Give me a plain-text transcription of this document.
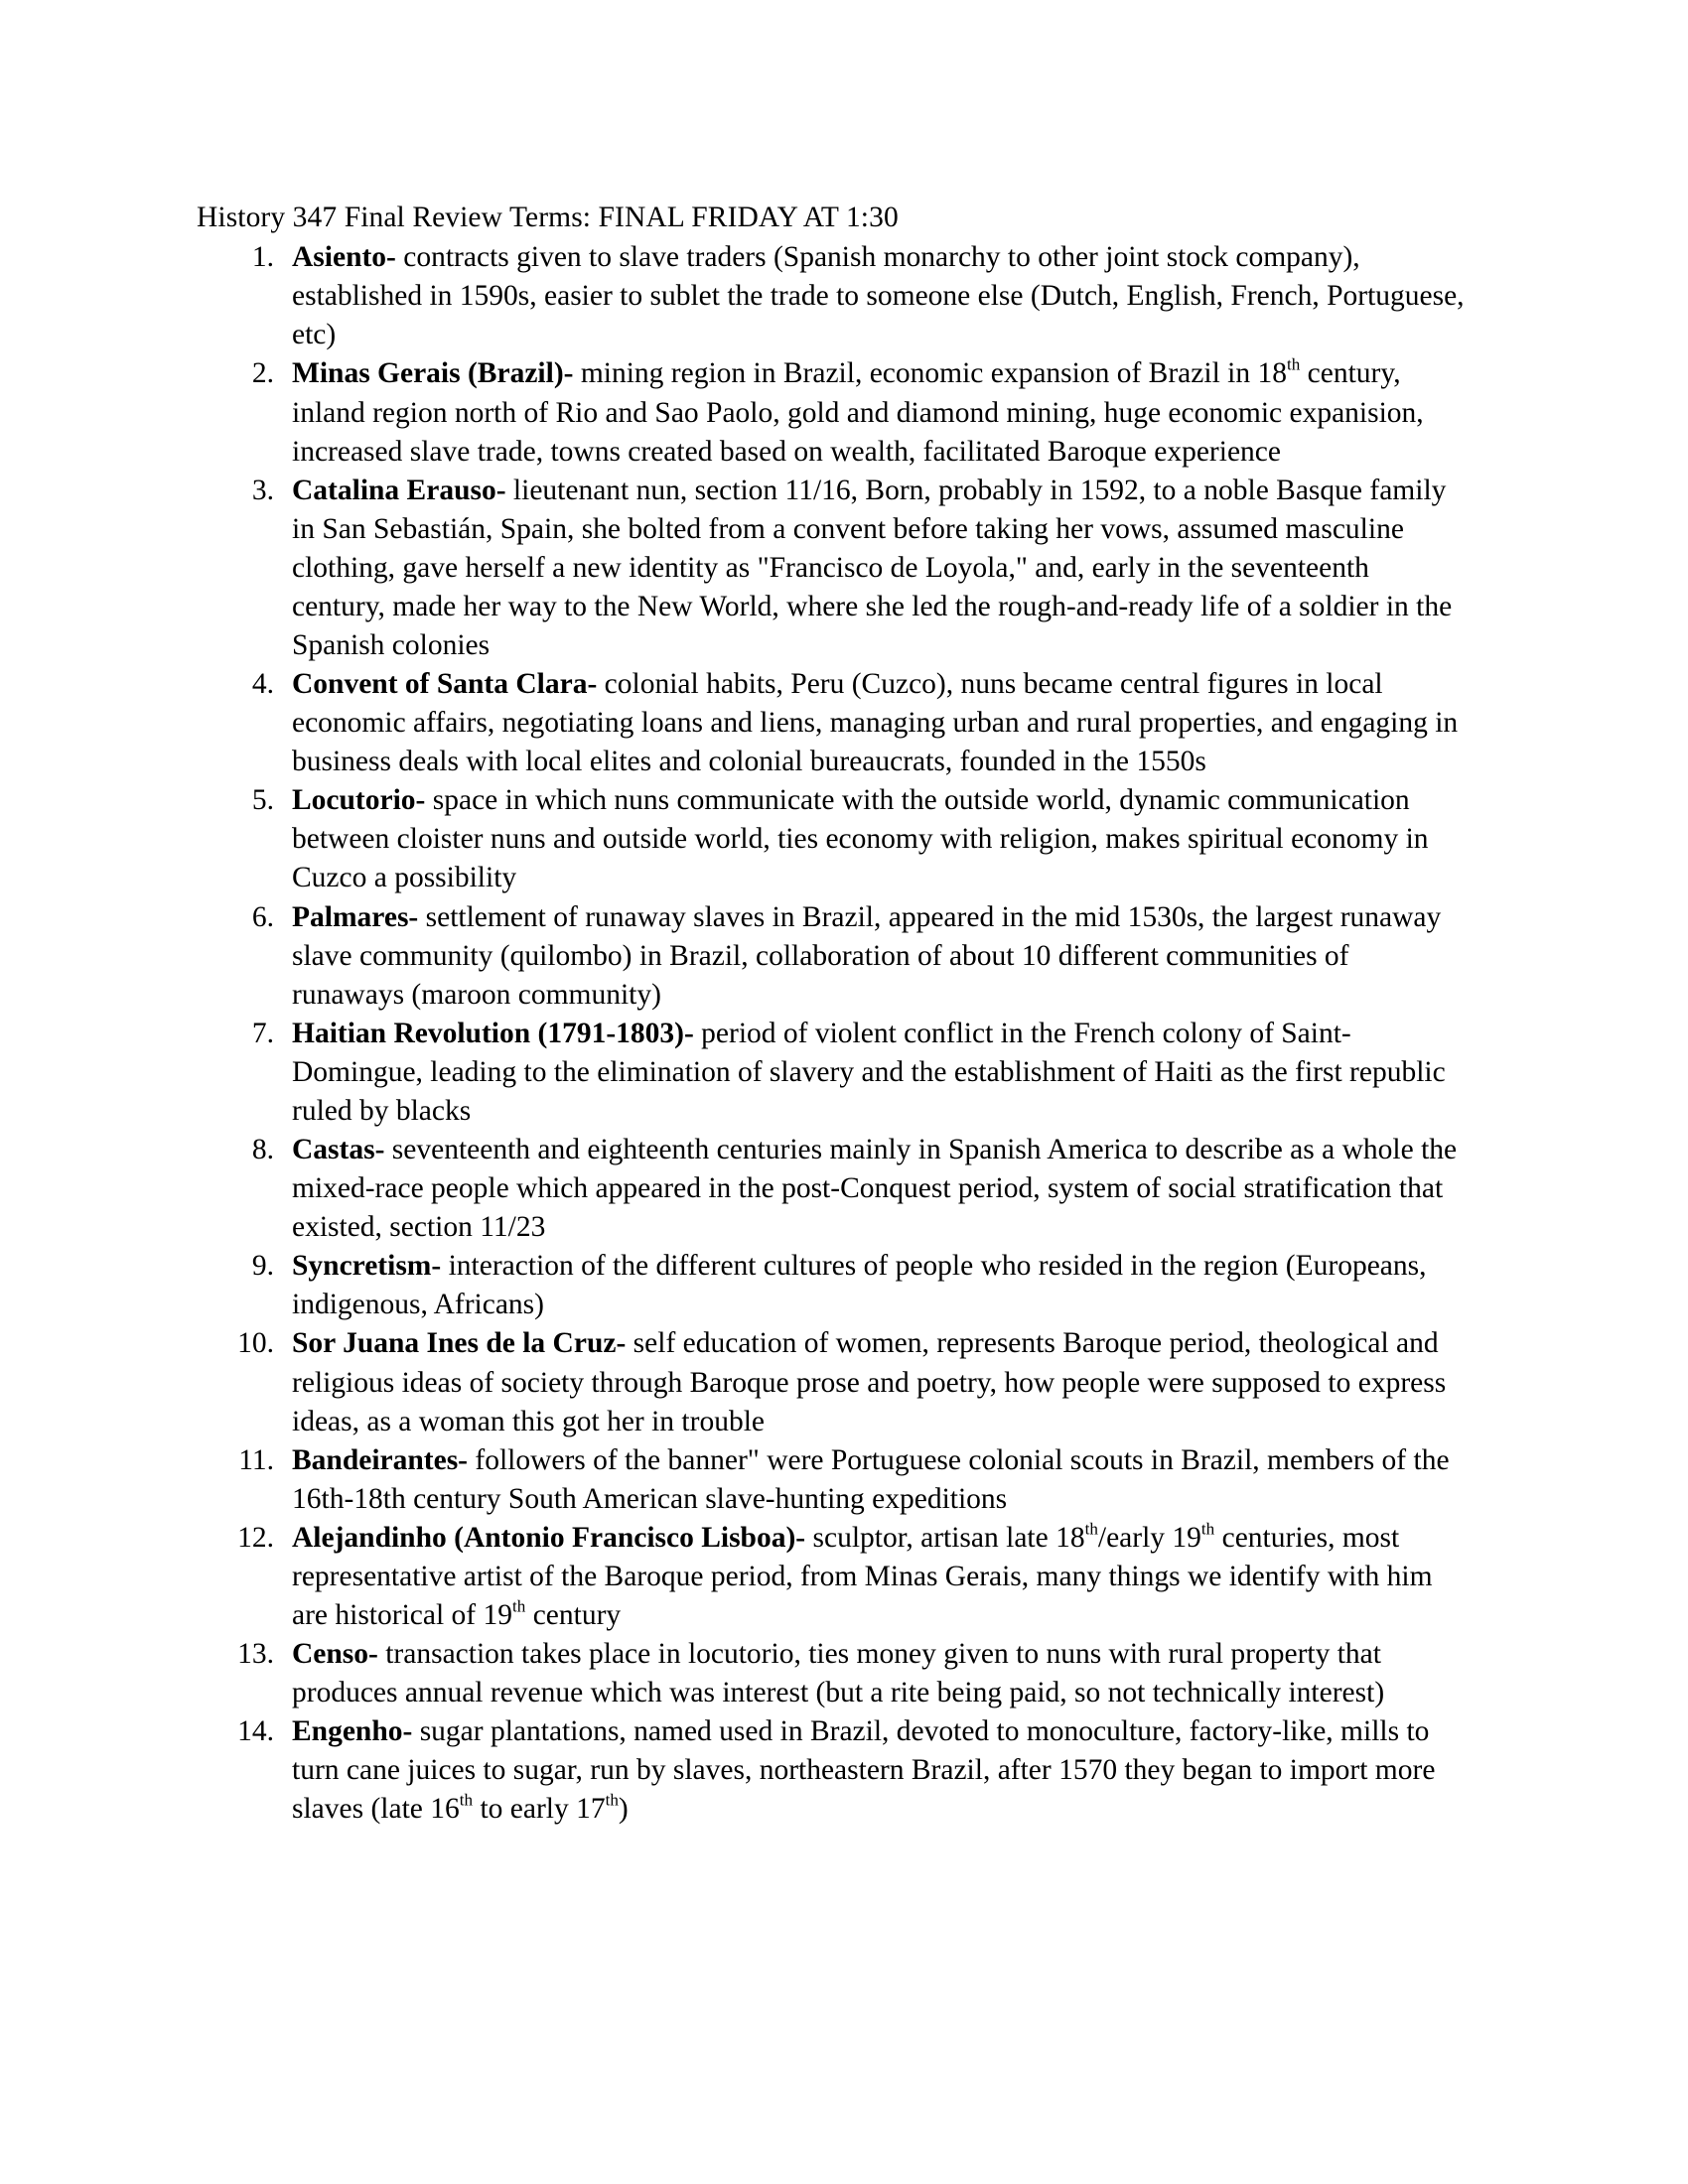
History 347 Final Review Terms: FINAL FRIDAY AT 1:30
Asiento- contracts given to slave traders (Spanish monarchy to other joint stock company), established in 1590s, easier to sublet the trade to someone else (Dutch, English, French, Portuguese, etc)
Minas Gerais (Brazil)- mining region in Brazil, economic expansion of Brazil in 18th century, inland region north of Rio and Sao Paolo, gold and diamond mining, huge economic expanision, increased slave trade, towns created based on wealth, facilitated Baroque experience
Catalina Erauso- lieutenant nun, section 11/16, Born, probably in 1592, to a noble Basque family in San Sebastián, Spain, she bolted from a convent before taking her vows, assumed masculine clothing, gave herself a new identity as "Francisco de Loyola," and, early in the seventeenth century, made her way to the New World, where she led the rough-and-ready life of a soldier in the Spanish colonies
Convent of Santa Clara- colonial habits, Peru (Cuzco), nuns became central figures in local economic affairs, negotiating loans and liens, managing urban and rural properties, and engaging in business deals with local elites and colonial bureaucrats, founded in the 1550s
Locutorio- space in which nuns communicate with the outside world, dynamic communication between cloister nuns and outside world, ties economy with religion, makes spiritual economy in Cuzco a possibility
Palmares- settlement of runaway slaves in Brazil, appeared in the mid 1530s, the largest runaway slave community (quilombo) in Brazil, collaboration of about 10 different communities of runaways (maroon community)
Haitian Revolution (1791-1803)- period of violent conflict in the French colony of Saint-Domingue, leading to the elimination of slavery and the establishment of Haiti as the first republic ruled by blacks
Castas- seventeenth and eighteenth centuries mainly in Spanish America to describe as a whole the mixed-race people which appeared in the post-Conquest period, system of social stratification that existed, section 11/23
Syncretism- interaction of the different cultures of people who resided in the region (Europeans, indigenous, Africans)
Sor Juana Ines de la Cruz- self education of women, represents Baroque period, theological and religious ideas of society through Baroque prose and poetry, how people were supposed to express ideas, as a woman this got her in trouble
Bandeirantes- followers of the banner" were Portuguese colonial scouts in Brazil, members of the 16th-18th century South American slave-hunting expeditions
Alejandinho (Antonio Francisco Lisboa)- sculptor, artisan late 18th/early 19th centuries, most representative artist of the Baroque period, from Minas Gerais, many things we identify with him are historical of 19th century
Censo- transaction takes place in locutorio, ties money given to nuns with rural property that produces annual revenue which was interest (but a rite being paid, so not technically interest)
Engenho- sugar plantations, named used in Brazil, devoted to monoculture, factory-like, mills to turn cane juices to sugar, run by slaves, northeastern Brazil, after 1570 they began to import more slaves (late 16th to early 17th)
